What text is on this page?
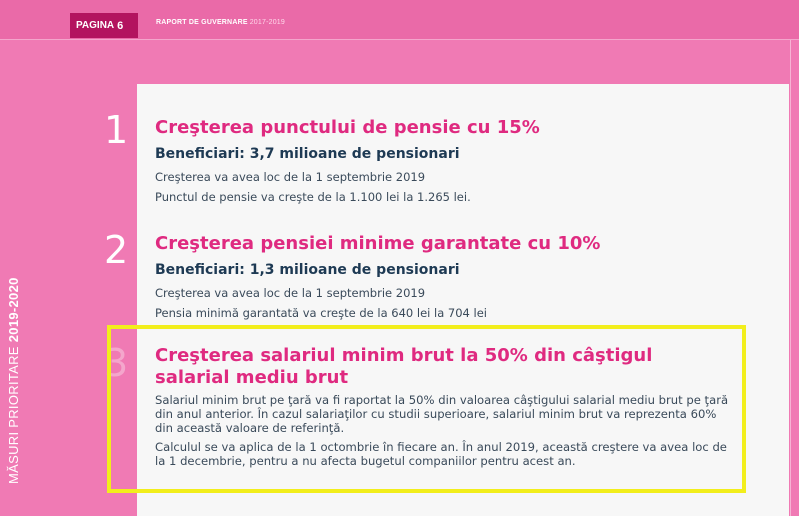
PAGINA 6	RAPORT DE GUVERNARE 2017-2019
MĂSURI PRIORITARE2019-2020
1 Creşterea punctului de pensie cu 15%
Beneficiari: 3,7 milioane de pensionari

Creşterea va avea loc de la 1 septembrie 2019

Punctul de pensie va creşte de la 1.100 lei la 1.265 lei.

2 Creşterea pensiei minime garantate cu 10%
Beneficiari: 1,3 milioane de pensionari

Creşterea va avea loc de la 1 septembrie 2019

Pensia minimă garantată va creşte de la 640 lei la 704 lei

3 Creşterea salariul minim brut la 50% din câştigul salarial mediu brut

Salariul minim brut pe ţară va fi raportat la 50% din valoarea câştigului salarial mediu brut pe ţară din anul anterior. În cazul salariaţilor cu studii superioare, salariul minim brut va reprezenta 60% din această valoare de referinţă.

Calculul se va aplica de la 1 octombrie în fiecare an. În anul 2019, această creştere va avea loc de la 1 decembrie, pentru a nu afecta bugetul companiilor pentru acest an.
